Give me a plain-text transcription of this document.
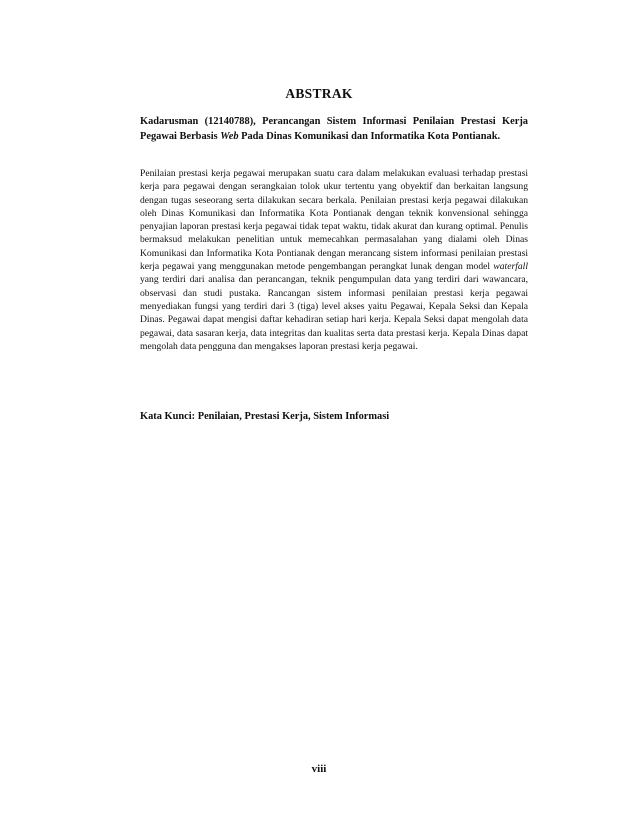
ABSTRAK
Kadarusman (12140788), Perancangan Sistem Informasi Penilaian Prestasi Kerja Pegawai Berbasis Web Pada Dinas Komunikasi dan Informatika Kota Pontianak.
Penilaian prestasi kerja pegawai merupakan suatu cara dalam melakukan evaluasi terhadap prestasi kerja para pegawai dengan serangkaian tolok ukur tertentu yang obyektif dan berkaitan langsung dengan tugas seseorang serta dilakukan secara berkala. Penilaian prestasi kerja pegawai dilakukan oleh Dinas Komunikasi dan Informatika Kota Pontianak dengan teknik konvensional sehingga penyajian laporan prestasi kerja pegawai tidak tepat waktu, tidak akurat dan kurang optimal. Penulis bermaksud melakukan penelitian untuk memecahkan permasalahan yang dialami oleh Dinas Komunikasi dan Informatika Kota Pontianak dengan merancang sistem informasi penilaian prestasi kerja pegawai yang menggunakan metode pengembangan perangkat lunak dengan model waterfall yang terdiri dari analisa dan perancangan, teknik pengumpulan data yang terdiri dari wawancara, observasi dan studi pustaka. Rancangan sistem informasi penilaian prestasi kerja pegawai menyediakan fungsi yang terdiri dari 3 (tiga) level akses yaitu Pegawai, Kepala Seksi dan Kepala Dinas. Pegawai dapat mengisi daftar kehadiran setiap hari kerja. Kepala Seksi dapat mengolah data pegawai, data sasaran kerja, data integritas dan kualitas serta data prestasi kerja. Kepala Dinas dapat mengolah data pengguna dan mengakses laporan prestasi kerja pegawai.
Kata Kunci: Penilaian, Prestasi Kerja, Sistem Informasi
viii
